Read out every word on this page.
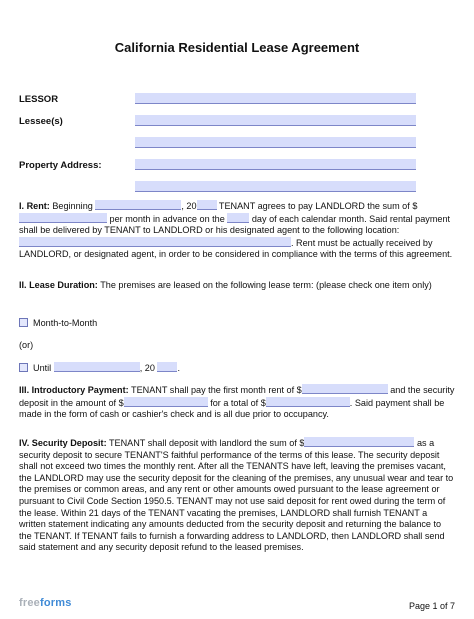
California Residential Lease Agreement
LESSOR
Lessee(s)
Property Address:
I. Rent: Beginning	, 20 TENANT agrees to pay LANDLORD the sum of $ per month in advance on the	day of each calendar month. Said rental payment shall be delivered by TENANT to LANDLORD or his designated agent to the following location: . Rent must be actually received by LANDLORD, or designated agent, in order to be considered in compliance with the terms of this agreement.
II. Lease Duration: The premises are leased on the following lease term: (please check one item only)
Month-to-Month
(or)
Until	, 20 .
III. Introductory Payment: TENANT shall pay the first month rent of $	and the security deposit in the amount of $	for a total of $	. Said payment shall be made in the form of cash or cashier's check and is all due prior to occupancy.
IV. Security Deposit: TENANT shall deposit with landlord the sum of $	as a security deposit to secure TENANT'S faithful performance of the terms of this lease. The security deposit shall not exceed two times the monthly rent. After all the TENANTS have left, leaving the premises vacant, the LANDLORD may use the security deposit for the cleaning of the premises, any unusual wear and tear to the premises or common areas, and any rent or other amounts owed pursuant to the lease agreement or pursuant to Civil Code Section 1950.5. TENANT may not use said deposit for rent owed during the term of the lease. Within 21 days of the TENANT vacating the premises, LANDLORD shall furnish TENANT a written statement indicating any amounts deducted from the security deposit and returning the balance to the TENANT. If TENANT fails to furnish a forwarding address to LANDLORD, then LANDLORD shall send said statement and any security deposit refund to the leased premises.
freeforms	Page 1 of 7
